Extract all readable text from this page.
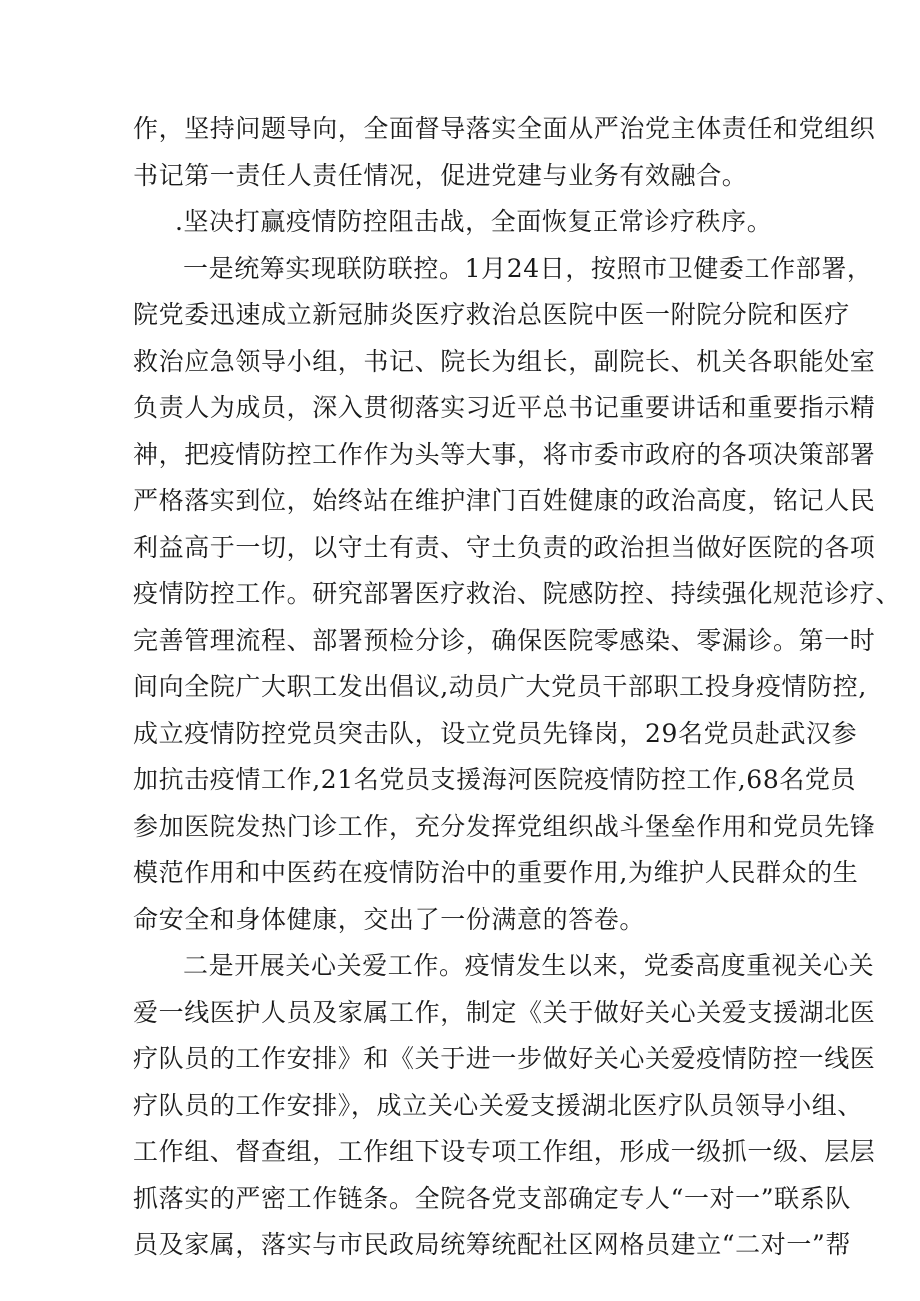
作，坚持问题导向，全面督导落实全面从严治党主体责任和党组织
书记第一责任人责任情况，促进党建与业务有效融合。
.坚决打赢疫情防控阻击战，全面恢复正常诊疗秩序。
一是统筹实现联防联控。1月24日，按照市卫健委工作部署，
院党委迅速成立新冠肺炎医疗救治总医院中医一附院分院和医疗
救治应急领导小组，书记、院长为组长，副院长、机关各职能处室
负责人为成员，深入贯彻落实习近平总书记重要讲话和重要指示精
神，把疫情防控工作作为头等大事，将市委市政府的各项决策部署
严格落实到位，始终站在维护津门百姓健康的政治高度，铭记人民
利益高于一切，以守土有责、守土负责的政治担当做好医院的各项
疫情防控工作。研究部署医疗救治、院感防控、持续强化规范诊疗、
完善管理流程、部署预检分诊，确保医院零感染、零漏诊。第一时
间向全院广大职工发出倡议,动员广大党员干部职工投身疫情防控,
成立疫情防控党员突击队，设立党员先锋岗，29名党员赴武汉参
加抗击疫情工作,21名党员支援海河医院疫情防控工作,68名党员
参加医院发热门诊工作，充分发挥党组织战斗堡垒作用和党员先锋
模范作用和中医药在疫情防治中的重要作用,为维护人民群众的生
命安全和身体健康，交出了一份满意的答卷。
二是开展关心关爱工作。疫情发生以来，党委高度重视关心关
爱一线医护人员及家属工作，制定《关于做好关心关爱支援湖北医
疗队员的工作安排》和《关于进一步做好关心关爱疫情防控一线医
疗队员的工作安排》，成立关心关爱支援湖北医疗队员领导小组、
工作组、督查组，工作组下设专项工作组，形成一级抓一级、层层
抓落实的严密工作链条。全院各党支部确定专人“一对一”联系队
员及家属，落实与市民政局统筹统配社区网格员建立“二对一”帮
